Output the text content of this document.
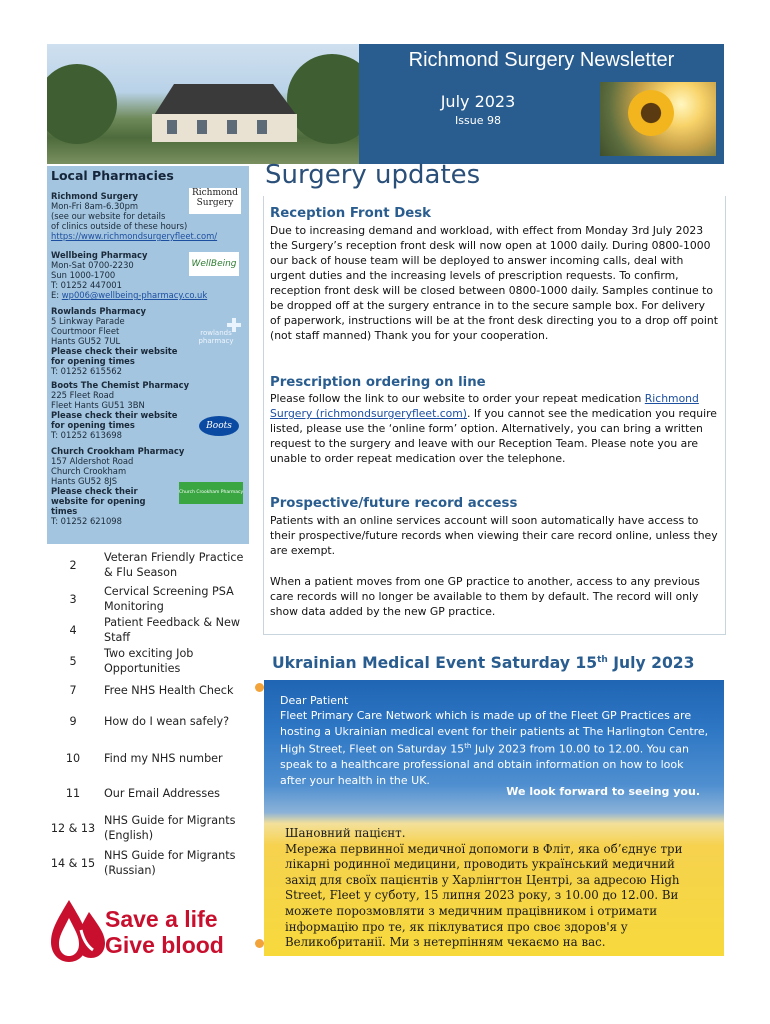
Richmond Surgery Newsletter
July 2023
Issue 98
Local Pharmacies
Richmond Surgery
Mon-Fri 8am-6.30pm
(see our website for details
of clinics outside of these hours)
https://www.richmondsurgeryfleet.com/
Richmond Surgery
Wellbeing Pharmacy
Mon-Sat 0700-2230
Sun 1000-1700
T: 01252 447001
E: wp006@wellbeing-pharmacy.co.uk
WellBeing
Rowlands Pharmacy
5 Linkway Parade
Courtmoor Fleet
Hants GU52 7UL
Please check their website
for opening times
T: 01252 615562
rowlands pharmacy
Boots The Chemist Pharmacy
225 Fleet Road
Fleet Hants GU51 3BN
Please check their website
for opening times
T: 01252 613698
Boots
Church Crookham Pharmacy
157 Aldershot Road
Church Crookham
Hants GU52 8JS
Please check their
website for opening
times
T: 01252 621098
Church Crookham Pharmacy
2
Veteran Friendly Practice & Flu Season
3
Cervical Screening PSA Monitoring
4
Patient Feedback & New Staff
5
Two exciting Job Opportunities
7	Free NHS Health Check
9	How do I wean safely?
10	Find my NHS number
11	Our Email Addresses
12 & 13
NHS Guide for Migrants (English)
14 & 15
NHS Guide for Migrants (Russian)
Surgery updates
Reception Front Desk
Due to increasing demand and workload, with effect from Monday 3rd July 2023 the Surgery’s reception front desk will now open at 1000 daily. During 0800-1000 our back of house team will be deployed to answer incoming calls, deal with urgent duties and the increasing levels of prescription requests. To confirm, reception front desk will be closed between 0800-1000 daily. Samples continue to be dropped off at the surgery entrance in to the secure sample box. For delivery of paperwork, instructions will be at the front desk directing you to a drop off point (not staff manned) Thank you for your cooperation.
Prescription ordering on line
Please follow the link to our website to order your repeat medication Richmond Surgery (richmondsurgeryfleet.com). If you cannot see the medication you require listed, please use the ‘online form’ option. Alternatively, you can bring a written request to the surgery and leave with our Reception Team. Please note you are unable to order repeat medication over the telephone.
Prospective/future record access
Patients with an online services account will soon automatically have access to their prospective/future records when viewing their care record online, unless they are exempt.
When a patient moves from one GP practice to another, access to any previous care records will no longer be available to them by default. The record will only show data added by the new GP practice.
Ukrainian Medical Event Saturday 15th July 2023
Dear Patient
Fleet Primary Care Network which is made up of the Fleet GP Practices are hosting a Ukrainian medical event for their patients at The Harlington Centre, High Street, Fleet on Saturday 15th July 2023 from 10.00 to 12.00. You can speak to a healthcare professional and obtain information on how to look after your health in the UK.
We look forward to seeing you.
Шановний пацієнт.
Мережа первинної медичної допомоги в Фліт, яка об’єднує три лікарні родинної медицини, проводить український медичний захід для своїх пацієнтів у Харлінгтон Центрі, за адресою High Street, Fleet у суботу, 15 липня 2023 року, з 10.00 до 12.00. Ви можете порозмовляти з медичним працівником і отримати інформацію про те, як піклуватися про своє здоров'я у Великобританії. Ми з нетерпінням чекаємо на вас.
Save a life
Give blood
